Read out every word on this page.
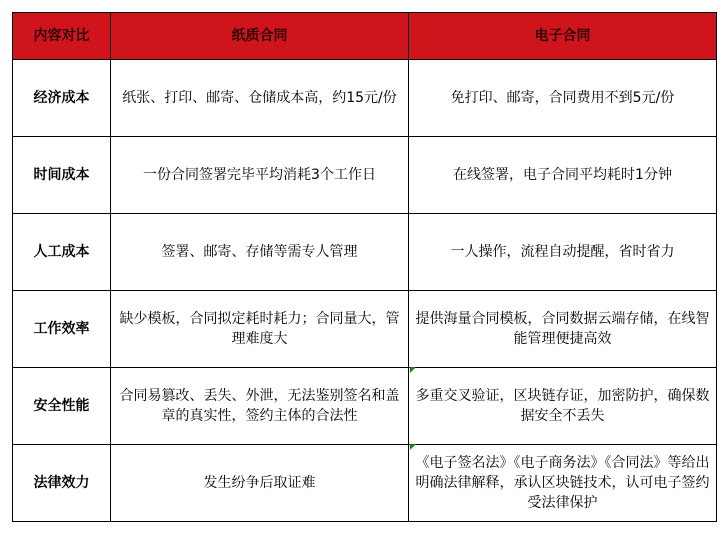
内容对比	纸质合同	电子合同
经济成本	纸张、打印、邮寄、仓储成本高，约15元/份	免打印、邮寄，合同费用不到5元/份
时间成本	一份合同签署完毕平均消耗3个工作日	在线签署，电子合同平均耗时1分钟
人工成本	签署、邮寄、存储等需专人管理	一人操作，流程自动提醒，省时省力
工作效率	缺少模板，合同拟定耗时耗力；合同量大，管理难度大	提供海量合同模板，合同数据云端存储，在线智能管理便捷高效
安全性能	合同易篡改、丢失、外泄，无法鉴别签名和盖章的真实性，签约主体的合法性	多重交叉验证，区块链存证，加密防护，确保数据安全不丢失
法律效力	发生纷争后取证难	《电子签名法》《电子商务法》《合同法》等给出明确法律解释，承认区块链技术，认可电子签约受法律保护
